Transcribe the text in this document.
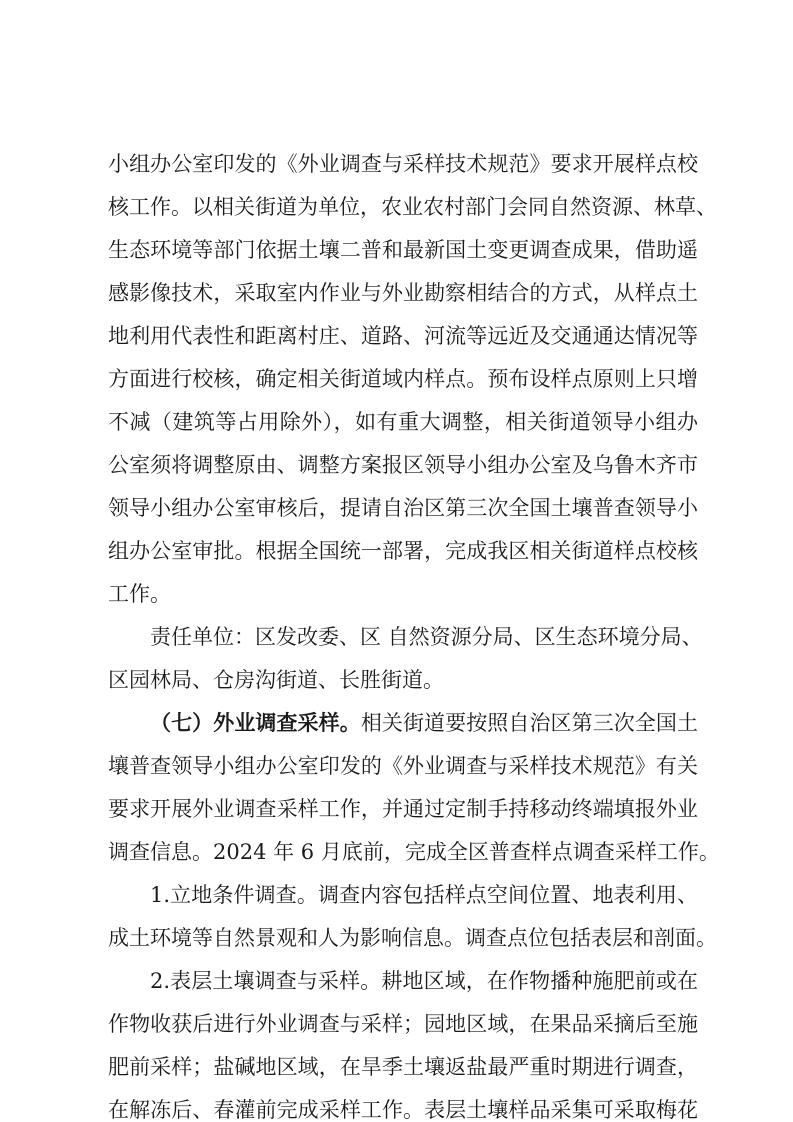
小组办公室印发的《外业调查与采样技术规范》要求开展样点校
核工作。以相关街道为单位，农业农村部门会同自然资源、林草、
生态环境等部门依据土壤二普和最新国土变更调查成果，借助遥
感影像技术，采取室内作业与外业勘察相结合的方式，从样点土
地利用代表性和距离村庄、道路、河流等远近及交通通达情况等
方面进行校核，确定相关街道域内样点。预布设样点原则上只增
不减（建筑等占用除外），如有重大调整，相关街道领导小组办
公室须将调整原由、调整方案报区领导小组办公室及乌鲁木齐市
领导小组办公室审核后，提请自治区第三次全国土壤普查领导小
组办公室审批。根据全国统一部署，完成我区相关街道样点校核
工作。
责任单位：区发改委、区 自然资源分局、区生态环境分局、
区园林局、仓房沟街道、长胜街道。
（七）外业调查采样。相关街道要按照自治区第三次全国土
壤普查领导小组办公室印发的《外业调查与采样技术规范》有关
要求开展外业调查采样工作，并通过定制手持移动终端填报外业
调查信息。2024 年 6 月底前，完成全区普查样点调查采样工作。
1.立地条件调查。调查内容包括样点空间位置、地表利用、
成土环境等自然景观和人为影响信息。调查点位包括表层和剖面。
2.表层土壤调查与采样。耕地区域，在作物播种施肥前或在
作物收获后进行外业调查与采样；园地区域，在果品采摘后至施
肥前采样；盐碱地区域，在旱季土壤返盐最严重时期进行调查，
在解冻后、春灌前完成采样工作。表层土壤样品采集可采取梅花
